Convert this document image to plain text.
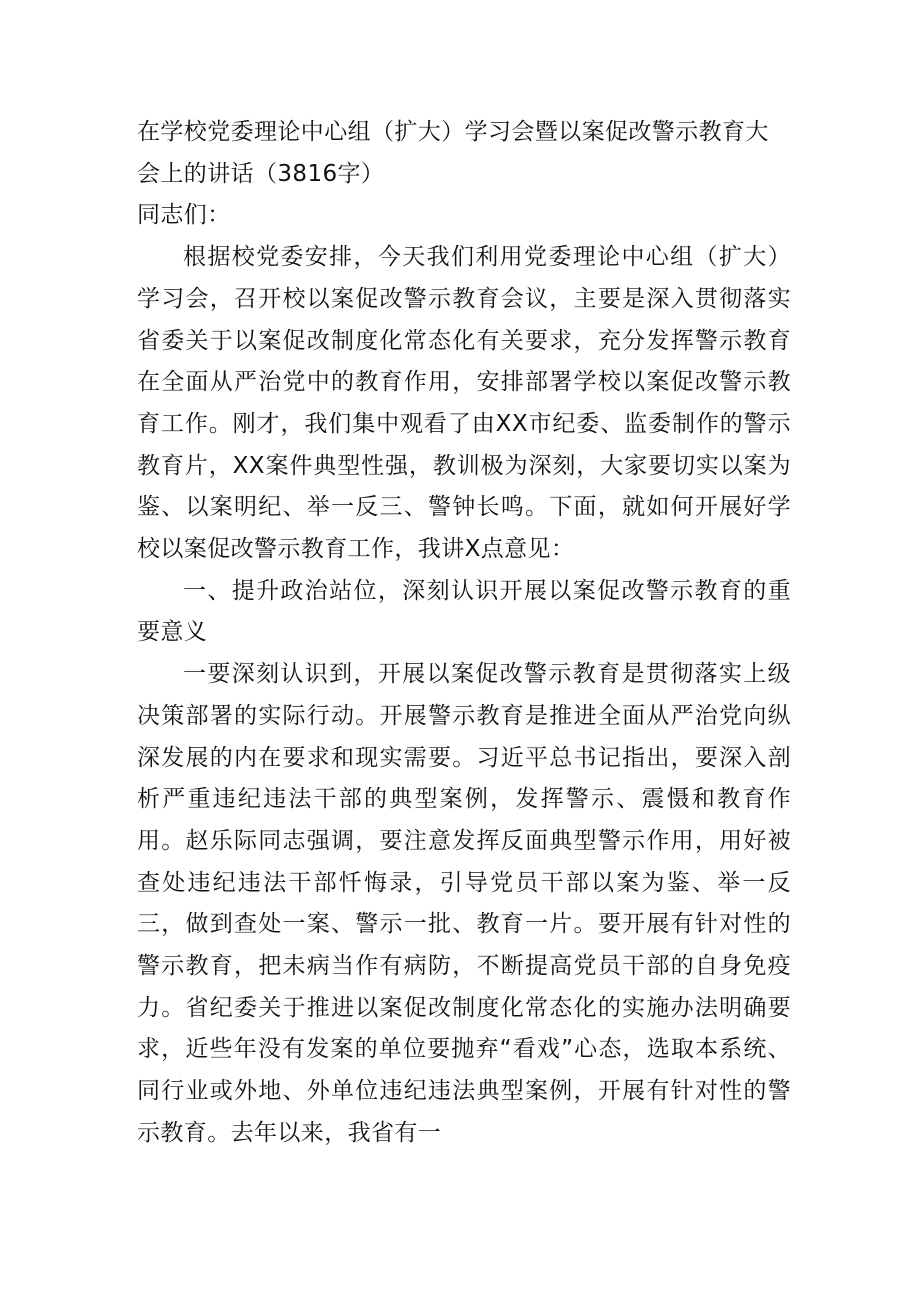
在学校党委理论中心组（扩大）学习会暨以案促改警示教育大会上的讲话（3816字）

同志们：

根据校党委安排，今天我们利用党委理论中心组（扩大）学习会，召开校以案促改警示教育会议，主要是深入贯彻落实省委关于以案促改制度化常态化有关要求，充分发挥警示教育在全面从严治党中的教育作用，安排部署学校以案促改警示教育工作。刚才，我们集中观看了由XX市纪委、监委制作的警示教育片，XX案件典型性强，教训极为深刻，大家要切实以案为鉴、以案明纪、举一反三、警钟长鸣。下面，就如何开展好学校以案促改警示教育工作，我讲X点意见：

一、提升政治站位，深刻认识开展以案促改警示教育的重要意义

一要深刻认识到，开展以案促改警示教育是贯彻落实上级决策部署的实际行动。开展警示教育是推进全面从严治党向纵深发展的内在要求和现实需要。习近平总书记指出，要深入剖析严重违纪违法干部的典型案例，发挥警示、震慑和教育作用。赵乐际同志强调，要注意发挥反面典型警示作用，用好被查处违纪违法干部忏悔录，引导党员干部以案为鉴、举一反三，做到查处一案、警示一批、教育一片。要开展有针对性的警示教育，把未病当作有病防，不断提高党员干部的自身免疫力。省纪委关于推进以案促改制度化常态化的实施办法明确要求，近些年没有发案的单位要抛弃“看戏”心态，选取本系统、同行业或外地、外单位违纪违法典型案例，开展有针对性的警示教育。去年以来，我省有一
